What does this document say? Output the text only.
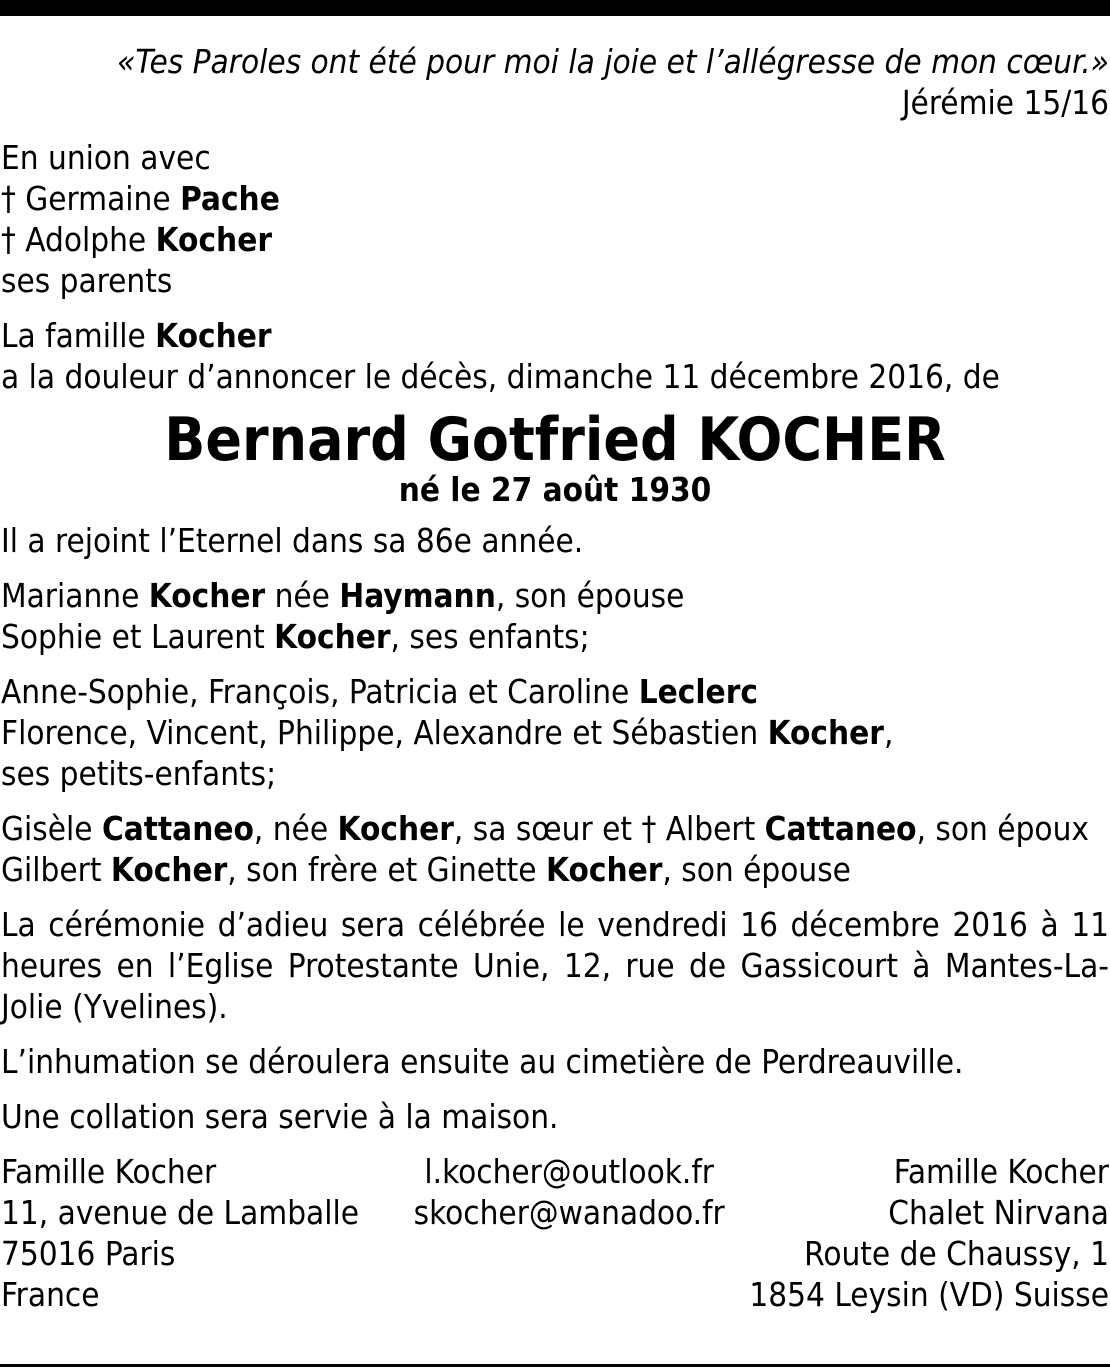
«Tes Paroles ont été pour moi la joie et l’allégresse de mon cœur.»

Jérémie 15/16

En union avec

† Germaine Pache

† Adolphe Kocher

ses parents

La famille Kocher

a la douleur d’annoncer le décès, dimanche 11 décembre 2016, de

Bernard Gotfried KOCHER

né le 27 août 1930

Il a rejoint l’Eternel dans sa 86e année.

Marianne Kocher née Haymann, son épouse

Sophie et Laurent Kocher, ses enfants;

Anne-Sophie, François, Patricia et Caroline Leclerc

Florence, Vincent, Philippe, Alexandre et Sébastien Kocher,

ses petits-enfants;

Gisèle Cattaneo, née Kocher, sa sœur et † Albert Cattaneo, son époux

Gilbert Kocher, son frère et Ginette Kocher, son épouse

La cérémonie d’adieu sera célébrée le vendredi 16 décembre 2016 à 11 heures en l’Eglise Protestante Unie, 12, rue de Gassicourt à Mantes-La-Jolie (Yvelines).

L’inhumation se déroulera ensuite au cimetière de Perdreauville.

Une collation sera servie à la maison.

Famille Kocher
11, avenue de Lamballe
75016 Paris
France
l.kocher@outlook.fr
skocher@wanadoo.fr
Famille Kocher
Chalet Nirvana
Route de Chaussy, 1
1854 Leysin (VD) Suisse
